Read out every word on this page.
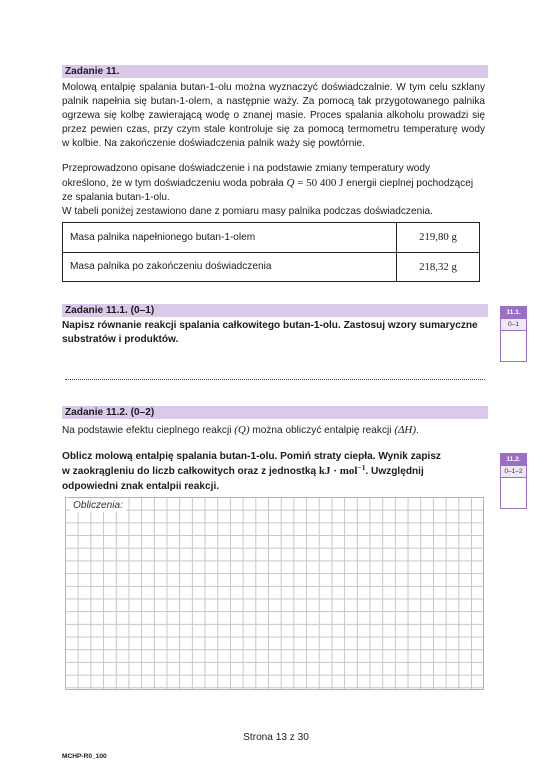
Zadanie 11.
Molową entalpię spalania butan-1-olu można wyznaczyć doświadczalnie. W tym celu szklany
palnik napełnia się butan-1-olem, a następnie waży. Za pomocą tak przygotowanego palnika
ogrzewa się kolbę zawierającą wodę o znanej masie. Proces spalania alkoholu prowadzi się
przez pewien czas, przy czym stale kontroluje się za pomocą termometru temperaturę wody
w kolbie. Na zakończenie doświadczenia palnik waży się powtórnie.
Przeprowadzono opisane doświadczenie i na podstawie zmiany temperatury wody
określono, że w tym doświadczeniu woda pobrała Q = 50 400 J energii cieplnej pochodzącej
ze spalania butan-1-olu.
W tabeli poniżej zestawiono dane z pomiaru masy palnika podczas doświadczenia.
Masa palnika napełnionego butan-1-olem	219,80 g
Masa palnika po zakończeniu doświadczenia	218,32 g
Zadanie 11.1. (0–1)
Napisz równanie reakcji spalania całkowitego butan-1-olu. Zastosuj wzory sumaryczne
substratów i produktów.
11.1.
0–1
Zadanie 11.2. (0–2)
Na podstawie efektu cieplnego reakcji (Q) można obliczyć entalpię reakcji (ΔH).
Oblicz molową entalpię spalania butan-1-olu. Pomiń straty ciepła. Wynik zapisz
w zaokrągleniu do liczb całkowitych oraz z jednostką kJ · mol$^{-1}$. Uwzględnij
odpowiedni znak entalpii reakcji.
11.2.
0–1–2
Obliczenia:
Strona 13 z 30
MCHP-R0_100
